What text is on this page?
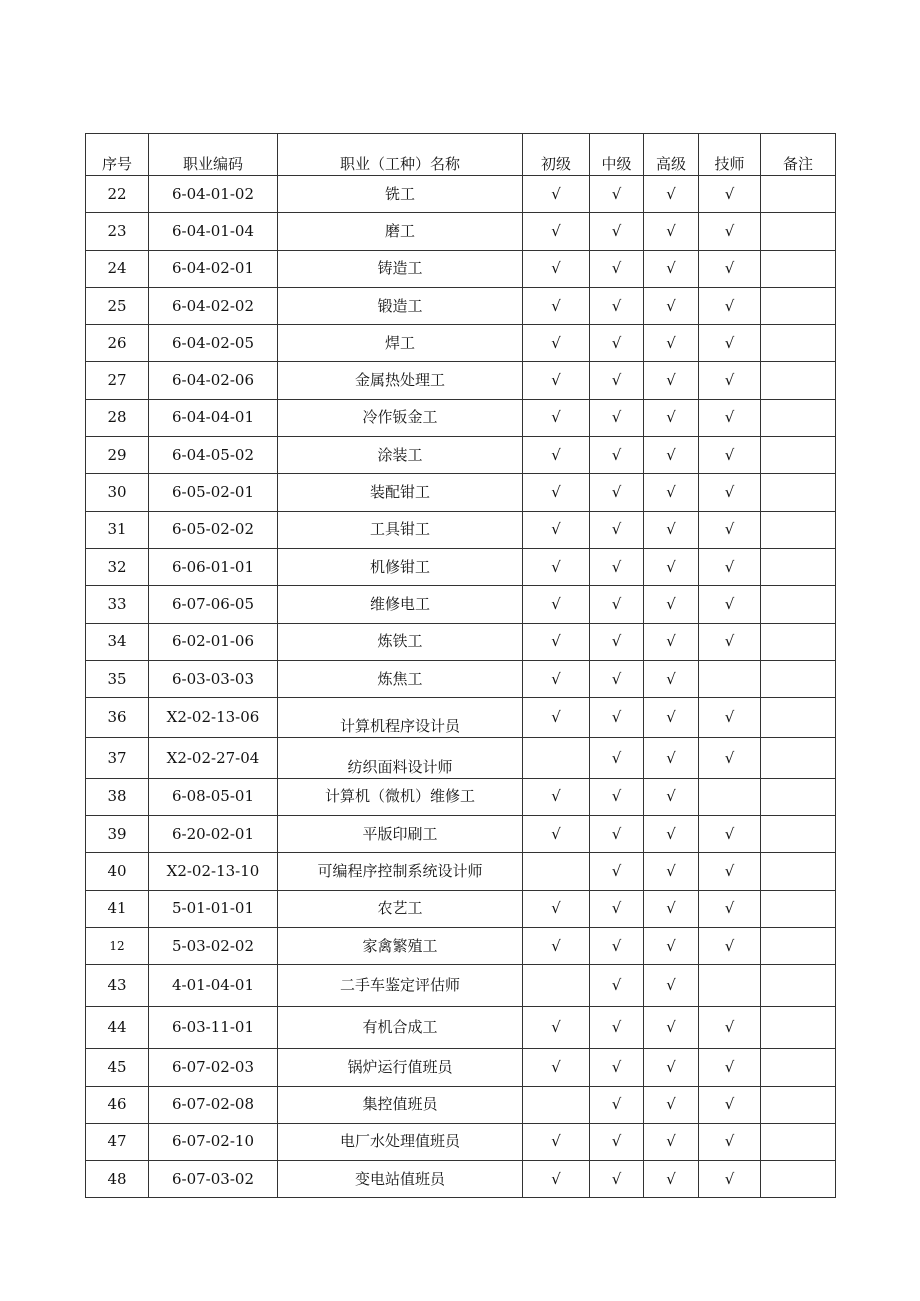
序号	职业编码	职业（工种）名称	初级	中级	高级	技师	备注
22	6-04-01-02	铣工	√	√	√	√	
23	6-04-01-04	磨工	√	√	√	√	
24	6-04-02-01	铸造工	√	√	√	√	
25	6-04-02-02	锻造工	√	√	√	√	
26	6-04-02-05	焊工	√	√	√	√	
27	6-04-02-06	金属热处理工	√	√	√	√	
28	6-04-04-01	冷作钣金工	√	√	√	√	
29	6-04-05-02	涂装工	√	√	√	√	
30	6-05-02-01	装配钳工	√	√	√	√	
31	6-05-02-02	工具钳工	√	√	√	√	
32	6-06-01-01	机修钳工	√	√	√	√	
33	6-07-06-05	维修电工	√	√	√	√	
34	6-02-01-06	炼铁工	√	√	√	√	
35	6-03-03-03	炼焦工	√	√	√		
36	X2-02-13-06	计算机程序设计员	√	√	√	√	
37	X2-02-27-04	纺织面料设计师		√	√	√	
38	6-08-05-01	计算机（微机）维修工	√	√	√		
39	6-20-02-01	平版印刷工	√	√	√	√	
40	X2-02-13-10	可编程序控制系统设计师		√	√	√	
41	5-01-01-01	农艺工	√	√	√	√	
12	5-03-02-02	家禽繁殖工	√	√	√	√	
43	4-01-04-01	二手车鉴定评估师		√	√		
44	6-03-11-01	有机合成工	√	√	√	√	
45	6-07-02-03	锅炉运行值班员	√	√	√	√	
46	6-07-02-08	集控值班员		√	√	√	
47	6-07-02-10	电厂水处理值班员	√	√	√	√	
48	6-07-03-02	变电站值班员	√	√	√	√	
